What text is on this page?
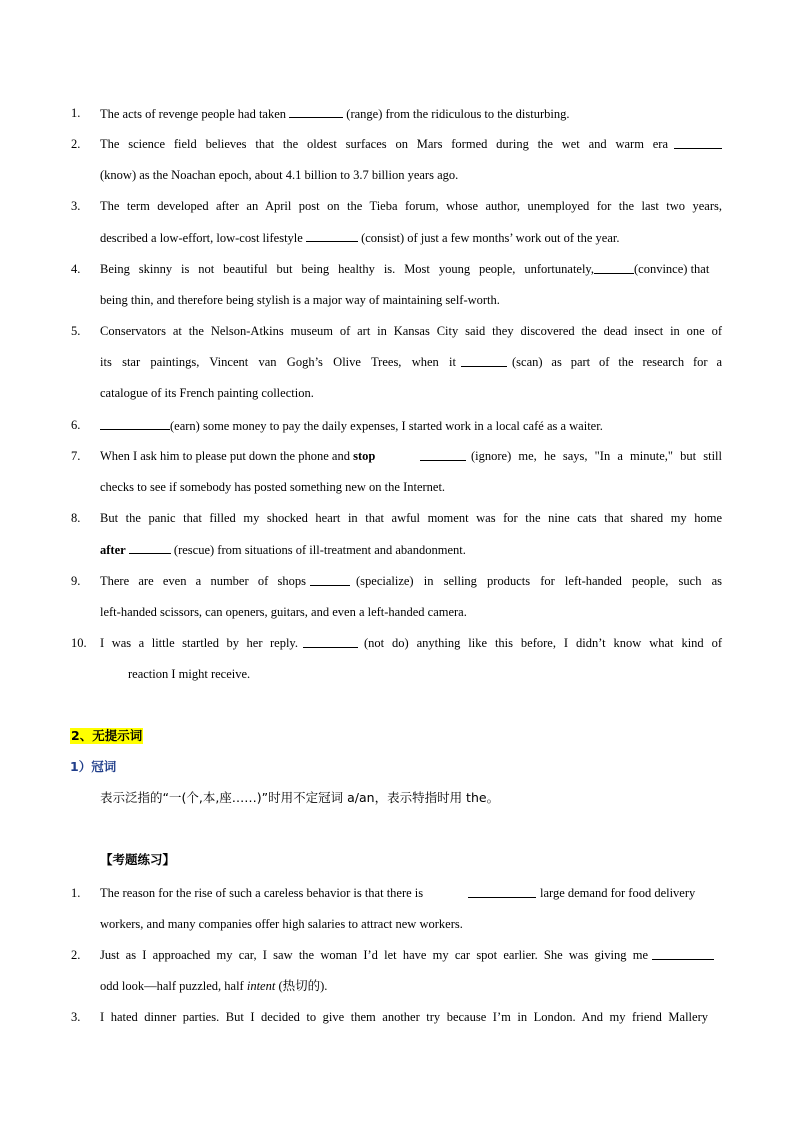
1. The acts of revenge people had taken	(range) from the ridiculous to the disturbing.
2. The science field believes that the oldest surfaces on Mars formed during the wet and warm era
(know) as the Noachan epoch, about 4.1 billion to 3.7 billion years ago.
3. The term developed after an April post on the Tieba forum, whose author, unemployed for the last two years,
described a low-effort, low-cost lifestyle	(consist) of just a few months’ work out of the year.
4. Being skinny is not beautiful but being healthy is. Most young people, unfortunately,	(convince) that
being thin, and therefore being stylish is a major way of maintaining self-worth.
5. Conservators at the Nelson-Atkins museum of art in Kansas City said they discovered the dead insect in one of
its star paintings, Vincent van Gogh’s Olive Trees, when it	(scan) as part of the research for a
catalogue of its French painting collection.
6.	(earn) some money to pay the daily expenses, I started work in a local café as a waiter.
7. When I ask him to please put down the phone and stop	(ignore) me, he says, "In a minute," but still
checks to see if somebody has posted something new on the Internet.
8. But the panic that filled my shocked heart in that awful moment was for the nine cats that shared my home
after	(rescue) from situations of ill-treatment and abandonment.
9. There are even a number of shops	(specialize) in selling products for left-handed people, such as
left-handed scissors, can openers, guitars, and even a left-handed camera.
10. I was a little startled by her reply.	(not do) anything like this before, I didn’t know what kind of
reaction I might receive.
2、无提示词
1）冠词
表示泛指的“一(个,本,座……)”时用不定冠词 a/an，表示特指时用 the。
【考题练习】
1. The reason for the rise of such a careless behavior is that there is	large demand for food delivery
workers, and many companies offer high salaries to attract new workers.
2. Just as I approached my car, I saw the woman I’d let have my car spot earlier. She was giving me
odd look—half puzzled, half intent (热切的).
3. I hated dinner parties. But I decided to give them another try because I’m in London. And my friend Mallery
